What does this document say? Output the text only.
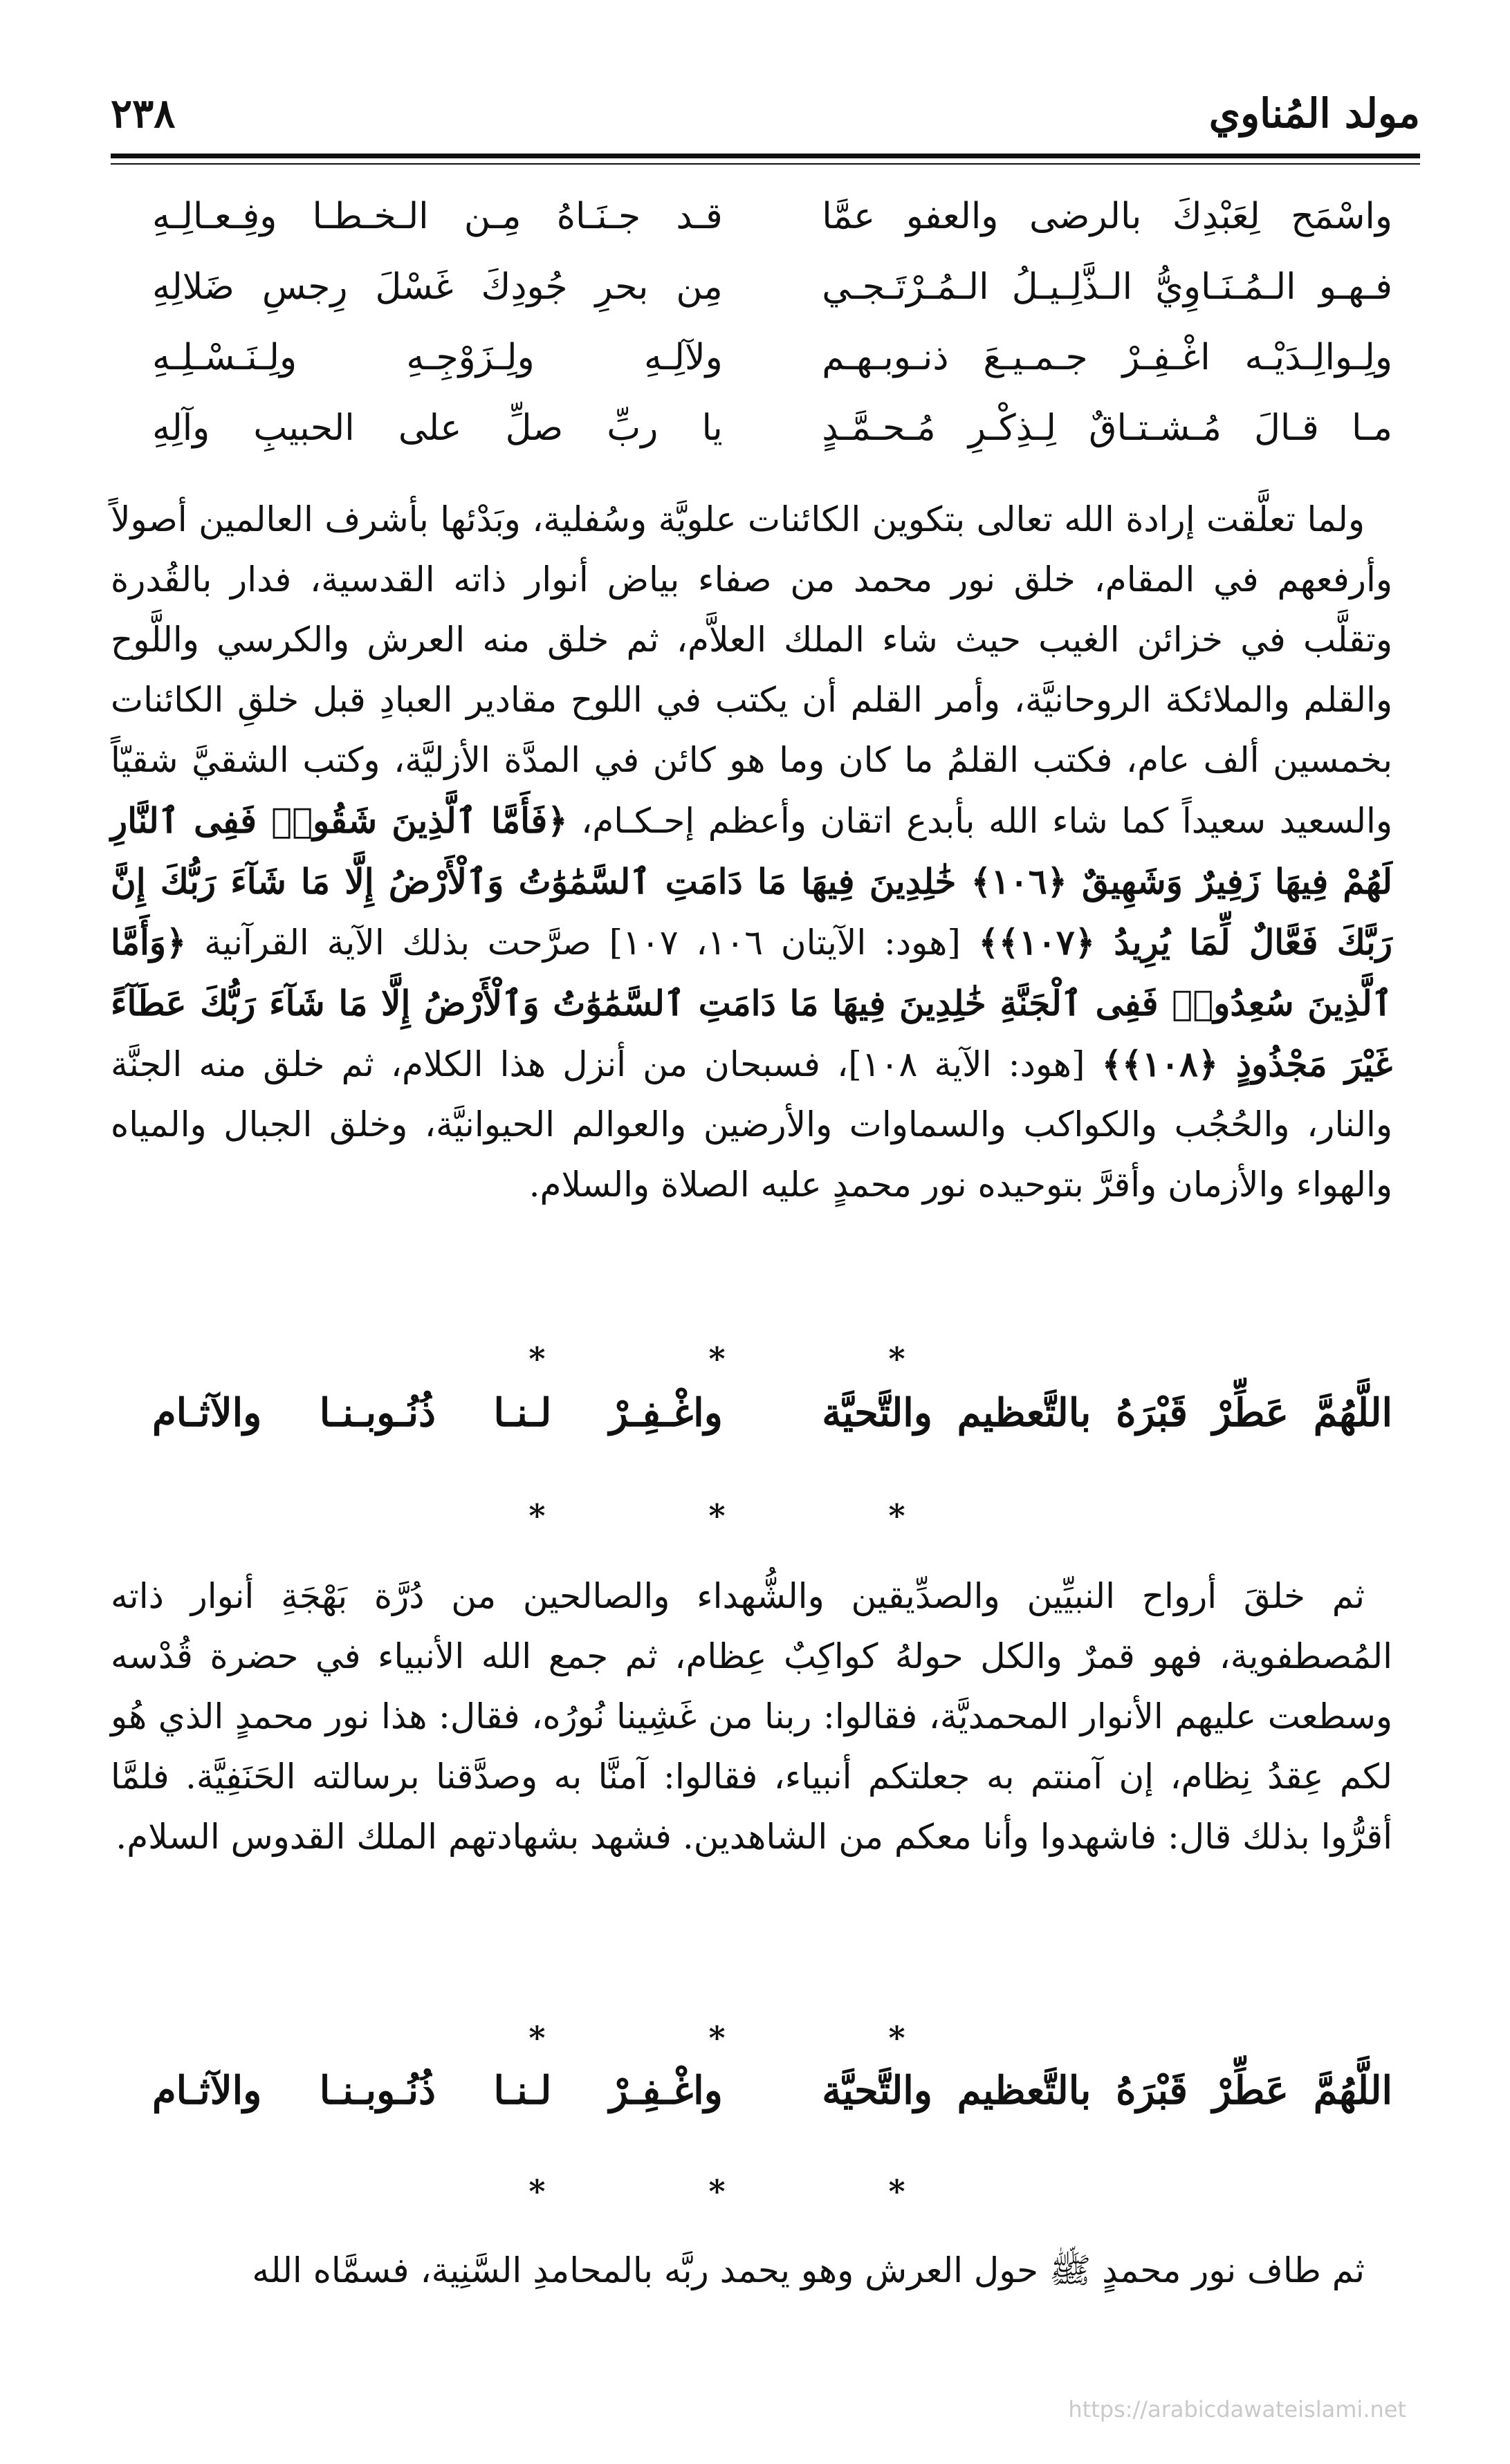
مولد المُناوي
٢٣٨
واسْمَح لِعَبْدِكَ بالرضى والعفو عمَّا
قـد جـنَـاهُ مِـن الـخـطـا وفِـعـالِـهِ
فـهـو الـمُـنَـاوِيُّ الـذَّلِـيـلُ الـمُـرْتَـجـي
مِن بحرِ جُودِكَ غَسْلَ رِجسِ ضَلالِهِ
ولِـوالِـدَيْـه اغْـفِـرْ جـمـيـعَ ذنـوبـهـم
ولآلِـهِ ولِـزَوْجِـهِ ولِـنَـسْـلِـهِ
مـا قـالَ مُـشـتـاقٌ لِـذِكْـرِ مُـحـمَّـدٍ
يا ربِّ صلِّ على الحبيبِ وآلِهِ

ولما تعلَّقت إرادة الله تعالى بتكوين الكائنات علويَّة وسُفلية، وبَدْئها بأشرف العالمين أصولاً وأرفعهم في المقام، خلق نور محمد من صفاء بياض أنوار ذاته القدسية، فدار بالقُدرة وتقلَّب في خزائن الغيب حيث شاء الملك العلاَّم، ثم خلق منه العرش والكرسي واللَّوح والقلم والملائكة الروحانيَّة، وأمر القلم أن يكتب في اللوح مقادير العبادِ قبل خلقِ الكائنات بخمسين ألف عام، فكتب القلمُ ما كان وما هو كائن في المدَّة الأزليَّة، وكتب الشقيَّ شقيّاً والسعيد سعيداً كما شاء الله بأبدع اتقان وأعظم إحـكـام، ﴿فَأَمَّا ٱلَّذِينَ شَقُوا۟ فَفِى ٱلنَّارِ لَهُمْ فِيهَا زَفِيرٌ وَشَهِيقٌ ﴿١٠٦﴾ خَٰلِدِينَ فِيهَا مَا دَامَتِ ٱلسَّمَٰوَٰتُ وَٱلْأَرْضُ إِلَّا مَا شَآءَ رَبُّكَ إِنَّ رَبَّكَ فَعَّالٌ لِّمَا يُرِيدُ ﴿١٠٧﴾﴾ [هود: الآيتان ١٠٦، ١٠٧] صرَّحت بذلك الآية القرآنية ﴿وَأَمَّا ٱلَّذِينَ سُعِدُوا۟ فَفِى ٱلْجَنَّةِ خَٰلِدِينَ فِيهَا مَا دَامَتِ ٱلسَّمَٰوَٰتُ وَٱلْأَرْضُ إِلَّا مَا شَآءَ رَبُّكَ عَطَآءً غَيْرَ مَجْذُوذٍ ﴿١٠٨﴾﴾ [هود: الآية ١٠٨]، فسبحان من أنزل هذا الكلام، ثم خلق منه الجنَّة والنار، والحُجُب والكواكب والسماوات والأرضين والعوالم الحيوانيَّة، وخلق الجبال والمياه والهواء والأزمان وأقرَّ بتوحيده نور محمدٍ عليه الصلاة والسلام.

* * *
اللَّهُمَّ عَطِّرْ قَبْرَهُ بالتَّعظيم والتَّحيَّة
واغْـفِـرْ لـنـا ذُنُـوبـنـا والآثـام
* * *

ثم خلقَ أرواح النبيِّين والصدِّيقين والشُّهداء والصالحين من دُرَّة بَهْجَةِ أنوار ذاته المُصطفوية، فهو قمرٌ والكل حولهُ كواكِبٌ عِظام، ثم جمع الله الأنبياء في حضرة قُدْسه وسطعت عليهم الأنوار المحمديَّة، فقالوا: ربنا من غَشِينا نُورُه، فقال: هذا نور محمدٍ الذي هُو لكم عِقدُ نِظام، إن آمنتم به جعلتكم أنبياء، فقالوا: آمنَّا به وصدَّقنا برسالته الحَنَفِيَّة. فلمَّا أقرُّوا بذلك قال: فاشهدوا وأنا معكم من الشاهدين. فشهد بشهادتهم الملك القدوس السلام.

* * *
اللَّهُمَّ عَطِّرْ قَبْرَهُ بالتَّعظيم والتَّحيَّة
واغْـفِـرْ لـنـا ذُنُـوبـنـا والآثـام
* * *

ثم طاف نور محمدٍ ﷺ حول العرش وهو يحمد ربَّه بالمحامدِ السَّنِية، فسمَّاه الله

https://arabicdawateislami.net
